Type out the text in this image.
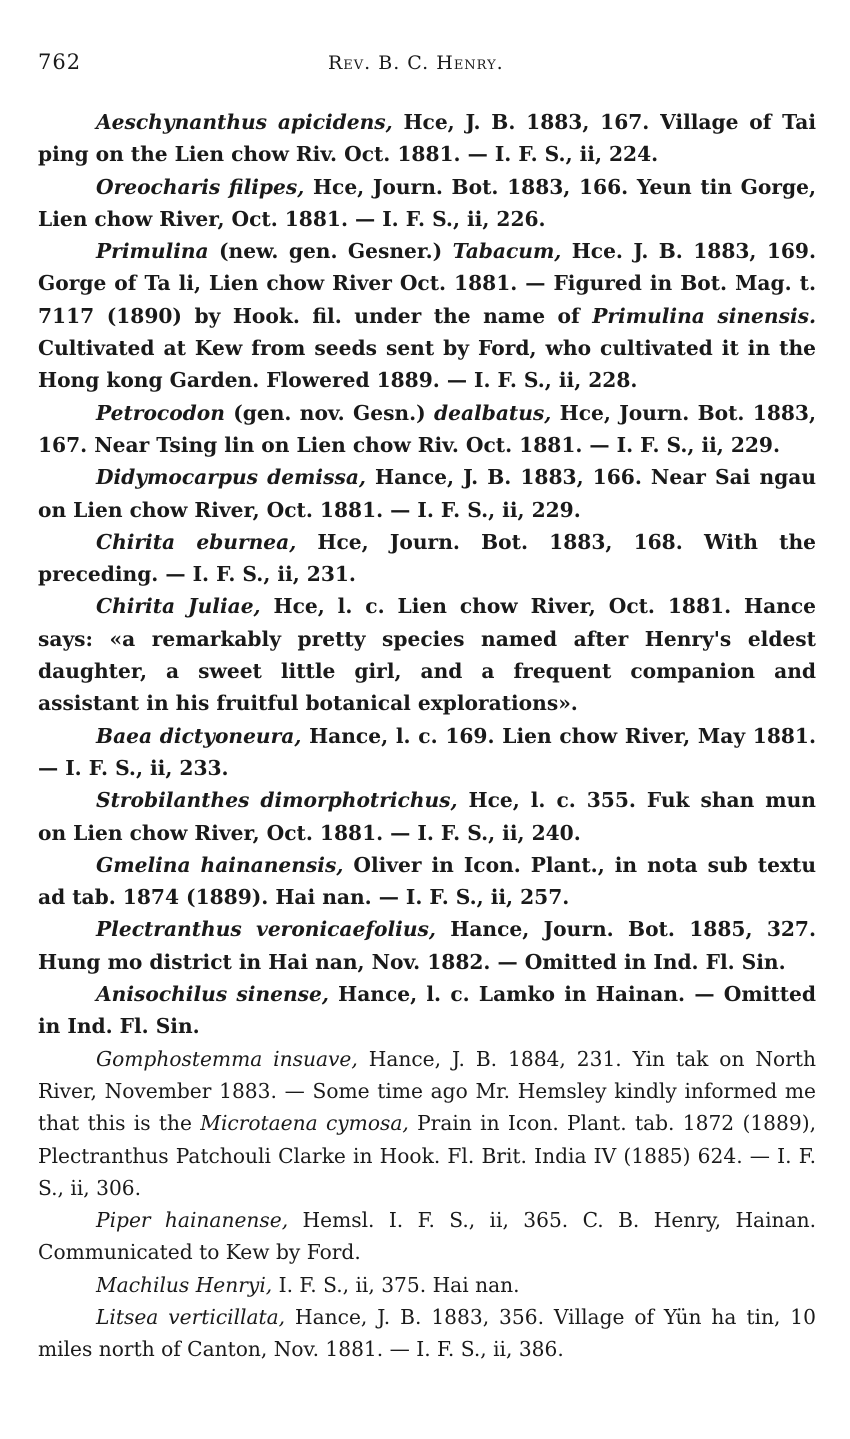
762	Rev. B. C. Henry.

Aeschynanthus apicidens, Hce, J. B. 1883, 167. Village of Tai ping on the Lien chow Riv. Oct. 1881. — I. F. S., ii, 224.

Oreocharis filipes, Hce, Journ. Bot. 1883, 166. Yeun tin Gorge, Lien chow River, Oct. 1881. — I. F. S., ii, 226.

Primulina (new. gen. Gesner.) Tabacum, Hce. J. B. 1883, 169. Gorge of Ta li, Lien chow River Oct. 1881. — Figured in Bot. Mag. t. 7117 (1890) by Hook. fil. under the name of Primulina sinensis. Cultivated at Kew from seeds sent by Ford, who cultivated it in the Hong kong Garden. Flowered 1889. — I. F. S., ii, 228.

Petrocodon (gen. nov. Gesn.) dealbatus, Hce, Journ. Bot. 1883, 167. Near Tsing lin on Lien chow Riv. Oct. 1881. — I. F. S., ii, 229.

Didymocarpus demissa, Hance, J. B. 1883, 166. Near Sai ngau on Lien chow River, Oct. 1881. — I. F. S., ii, 229.

Chirita eburnea, Hce, Journ. Bot. 1883, 168. With the preceding. — I. F. S., ii, 231.

Chirita Juliae, Hce, l. c. Lien chow River, Oct. 1881. Hance says: «a remarkably pretty species named after Henry's eldest daughter, a sweet little girl, and a frequent companion and assistant in his fruitful botanical explorations».

Baea dictyoneura, Hance, l. c. 169. Lien chow River, May 1881. — I. F. S., ii, 233.

Strobilanthes dimorphotrichus, Hce, l. c. 355. Fuk shan mun on Lien chow River, Oct. 1881. — I. F. S., ii, 240.

Gmelina hainanensis, Oliver in Icon. Plant., in nota sub textu ad tab. 1874 (1889). Hai nan. — I. F. S., ii, 257.

Plectranthus veronicaefolius, Hance, Journ. Bot. 1885, 327. Hung mo district in Hai nan, Nov. 1882. — Omitted in Ind. Fl. Sin.

Anisochilus sinense, Hance, l. c. Lamko in Hainan. — Omitted in Ind. Fl. Sin.

Gomphostemma insuave, Hance, J. B. 1884, 231. Yin tak on North River, November 1883. — Some time ago Mr. Hemsley kindly informed me that this is the Microtaena cymosa, Prain in Icon. Plant. tab. 1872 (1889), Plectranthus Patchouli Clarke in Hook. Fl. Brit. India IV (1885) 624. — I. F. S., ii, 306.

Piper hainanense, Hemsl. I. F. S., ii, 365. C. B. Henry, Hainan. Communicated to Kew by Ford.

Machilus Henryi, I. F. S., ii, 375. Hai nan.

Litsea verticillata, Hance, J. B. 1883, 356. Village of Yün ha tin, 10 miles north of Canton, Nov. 1881. — I. F. S., ii, 386.
